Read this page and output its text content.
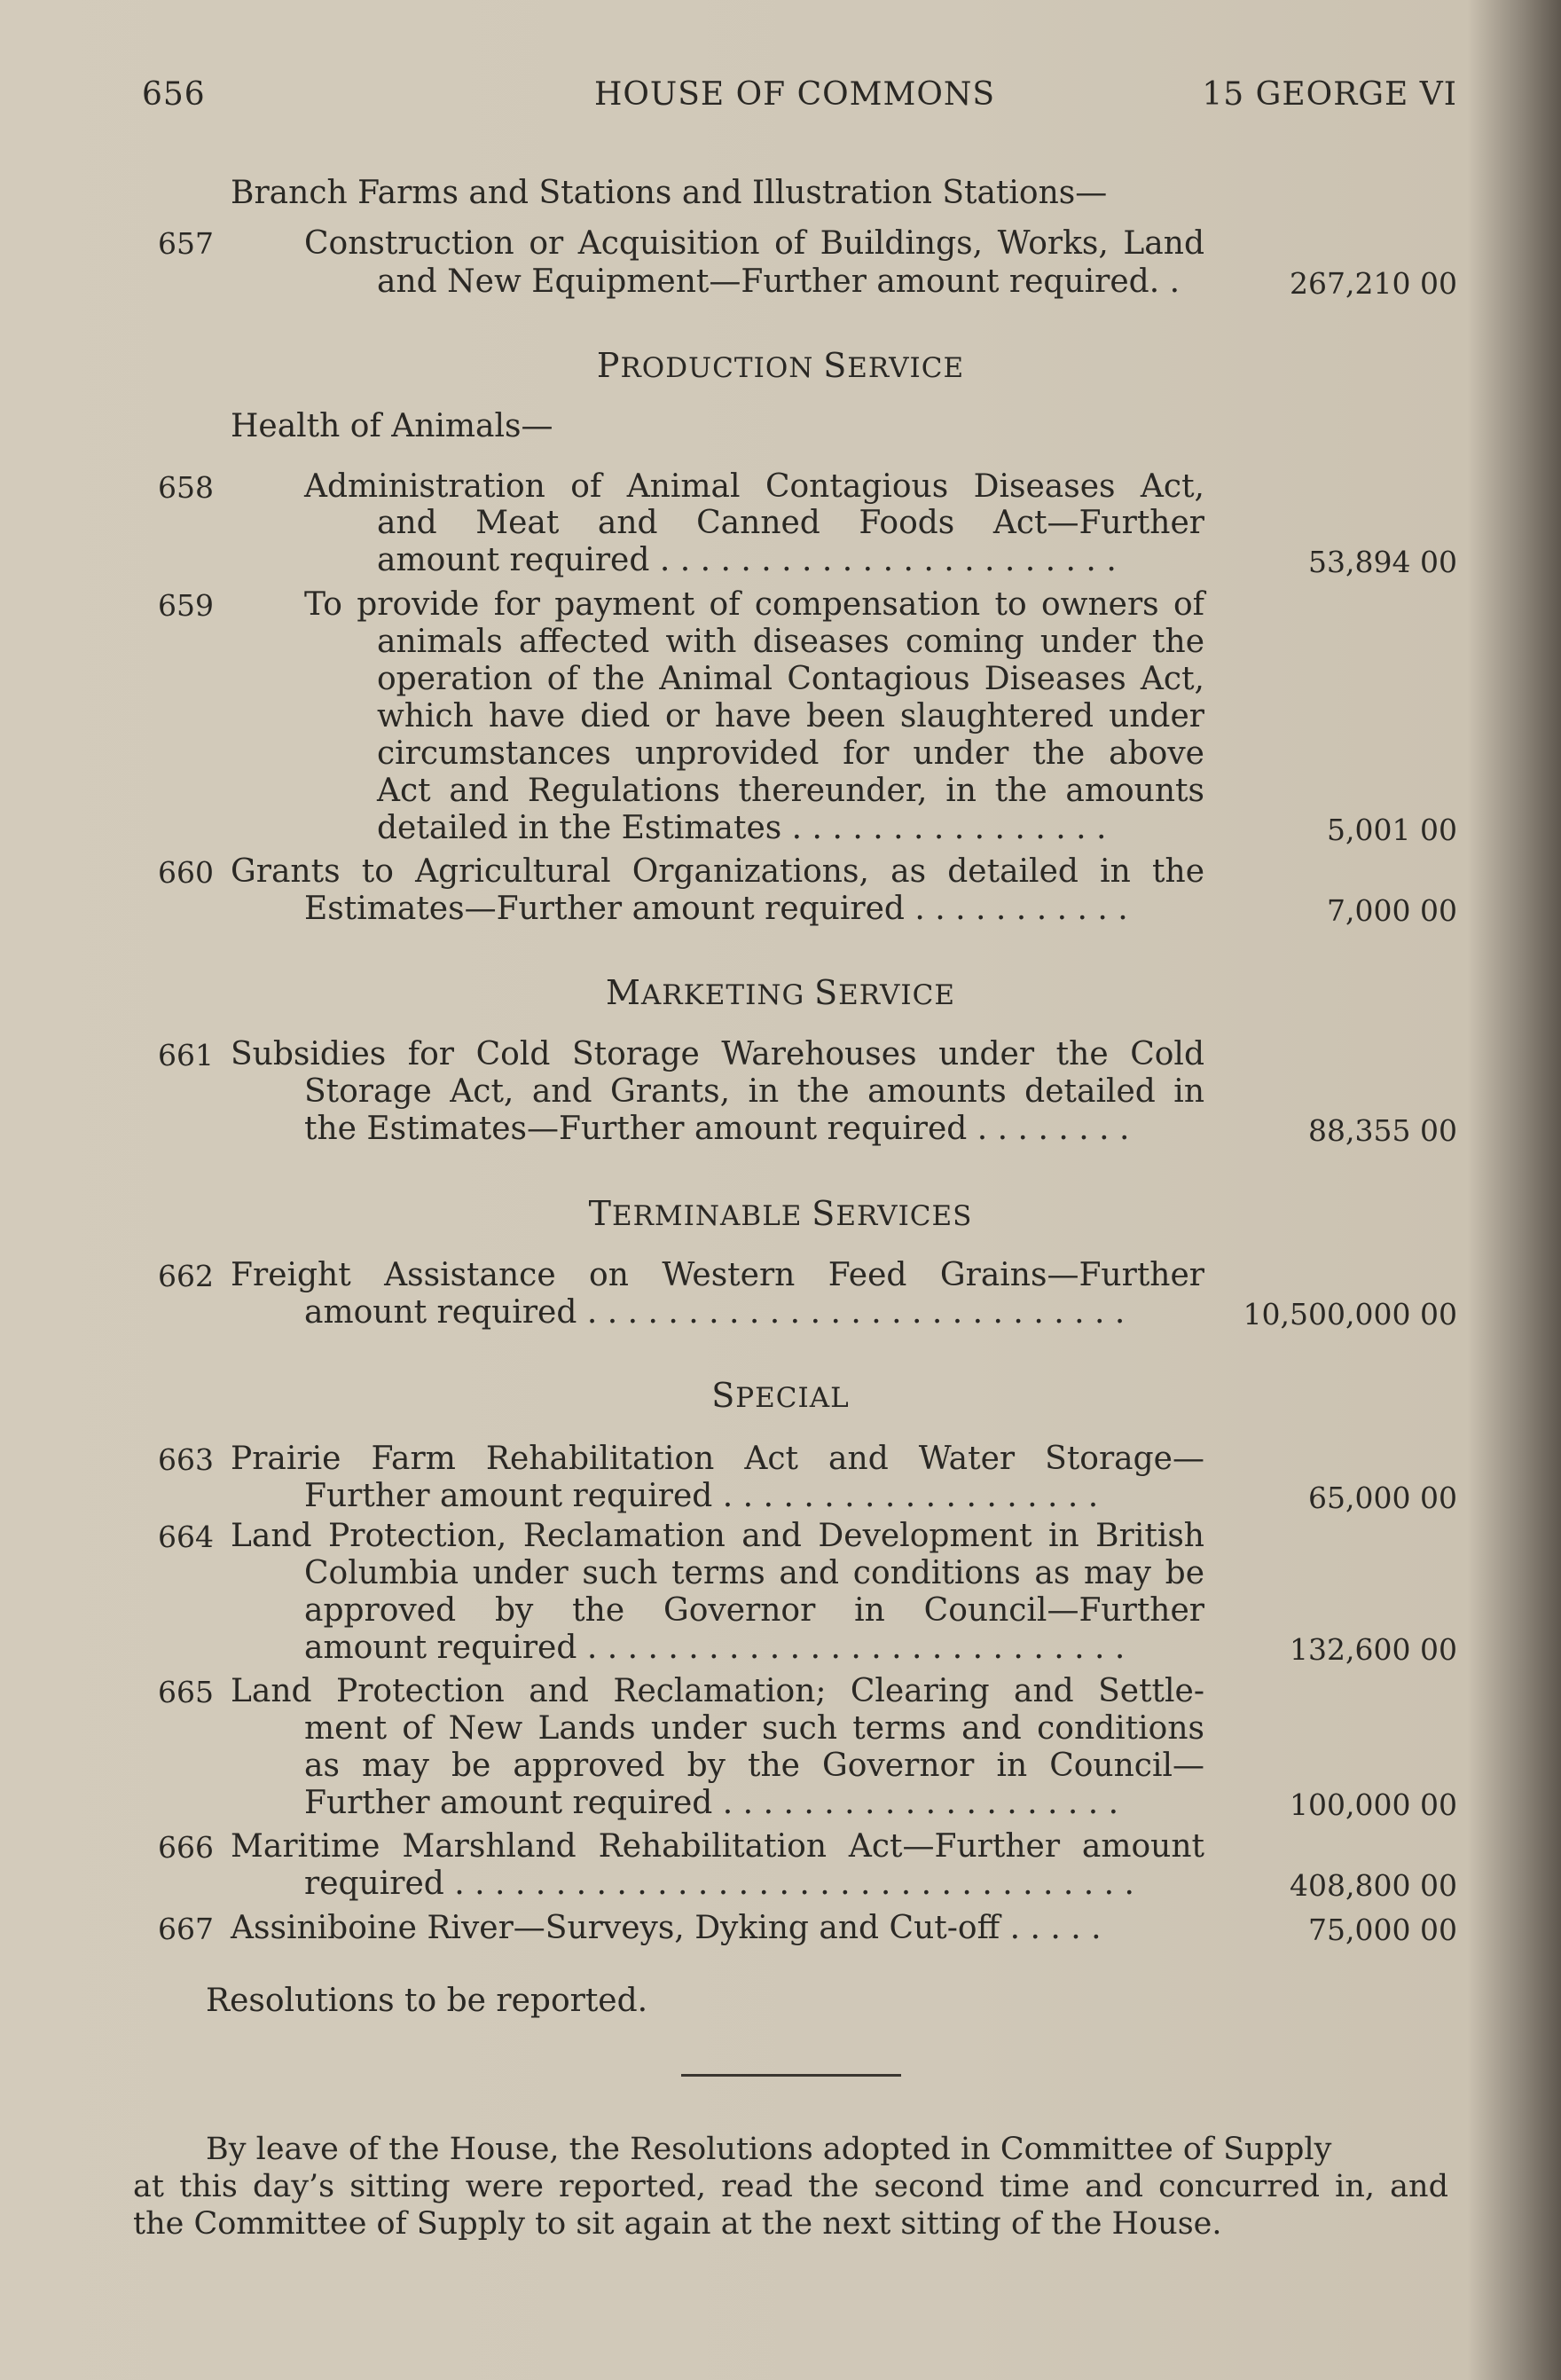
656	HOUSE OF COMMONS	15 GEORGE VI
Branch Farms and Stations and Illustration Stations—
657	Construction or Acquisition of Buildings, Works, Land
and New Equipment—Further amount required. .	267,210 00
PRODUCTION SERVICE
Health of Animals—
658	Administration of Animal Contagious Diseases Act,
and Meat and Canned Foods Act—Further
amount required . . . . . . . . . . . . . . . . . . . . . . .	53,894 00
659	To provide for payment of compensation to owners of
animals affected with diseases coming under the
operation of the Animal Contagious Diseases Act,
which have died or have been slaughtered under
circumstances unprovided for under the above
Act and Regulations thereunder, in the amounts
detailed in the Estimates . . . . . . . . . . . . . . . .	5,001 00
660 Grants to Agricultural Organizations, as detailed in the
Estimates—Further amount required . . . . . . . . . . .	7,000 00
MARKETING SERVICE
661 Subsidies for Cold Storage Warehouses under the Cold
Storage Act, and Grants, in the amounts detailed in
the Estimates—Further amount required . . . . . . . .	88,355 00
TERMINABLE SERVICES
662 Freight Assistance on Western Feed Grains—Further
amount required . . . . . . . . . . . . . . . . . . . . . . . . . . .	10,500,000 00
SPECIAL
663 Prairie Farm Rehabilitation Act and Water Storage—
Further amount required . . . . . . . . . . . . . . . . . . .	65,000 00
664 Land Protection, Reclamation and Development in British
Columbia under such terms and conditions as may be
approved by the Governor in Council—Further
amount required . . . . . . . . . . . . . . . . . . . . . . . . . . .	132,600 00
665 Land Protection and Reclamation; Clearing and Settle-
ment of New Lands under such terms and conditions
as may be approved by the Governor in Council—
Further amount required . . . . . . . . . . . . . . . . . . . .	100,000 00
666 Maritime Marshland Rehabilitation Act—Further amount
required . . . . . . . . . . . . . . . . . . . . . . . . . . . . . . . . . .	408,800 00
667 Assiniboine River—Surveys, Dyking and Cut-off . . . . .	75,000 00
Resolutions to be reported.
By leave of the House, the Resolutions adopted in Committee of Supply
at this day’s sitting were reported, read the second time and concurred in, and
the Committee of Supply to sit again at the next sitting of the House.
